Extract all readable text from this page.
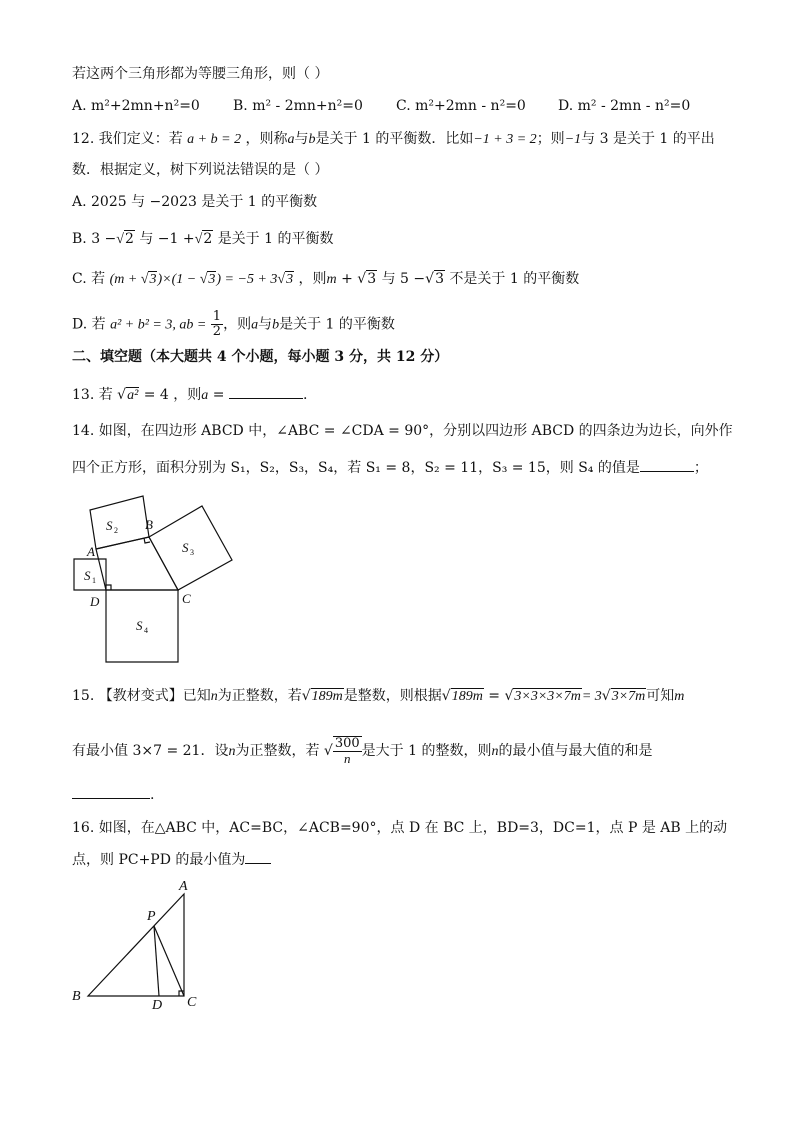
若这两个三角形都为等腰三角形，则（ ）
A. m²+2mn+n²=0 B. m² - 2mn+n²=0 C. m²+2mn - n²=0 D. m² - 2mn - n²=0
12. 我们定义：若 a + b = 2 ，则称a与b是关于 1 的平衡数．比如−1 + 3 = 2；则−1与 3 是关于 1 的平出
数．根据定义，树下列说法错误的是（ ）
A. 2025 与 −2023 是关于 1 的平衡数
B. 3 −√2 与 −1 +√2 是关于 1 的平衡数
C. 若 (m + √3)×(1 − √3) = −5 + 3√3 ，则m + √3 与 5 −√3 不是关于 1 的平衡数
D. 若 a² + b² = 3, ab = $\frac{1}{2}$ ，则a与b是关于 1 的平衡数
二、填空题（本大题共 4 个小题，每小题 3 分，共 12 分）
13. 若 √a² = 4 ，则a =	.
14. 如图，在四边形 ABCD 中，∠ABC = ∠CDA = 90°，分别以四边形 ABCD 的四条边为边长，向外作
四个正方形，面积分别为 S₁，S₂，S₃，S₄，若 S₁ = 8，S₂ = 11，S₃ = 15，则 S₄ 的值是	；
A
B
C
D
S
S
S
S
1
2
3
4
15. 【教材变式】已知n为正整数，若√189m是整数，则根据√189m = √3×3×3×7m= 3√3×7m可知m
有最小值 3×7 = 21．设n为正整数，若 √ $\frac{300}{n}$ 是大于 1 的整数，则n的最小值与最大值的和是
.
16. 如图，在△ABC 中，AC=BC，∠ACB=90°，点 D 在 BC 上，BD=3，DC=1，点 P 是 AB 上的动
点，则 PC+PD 的最小值为
A
B	C
D
P
